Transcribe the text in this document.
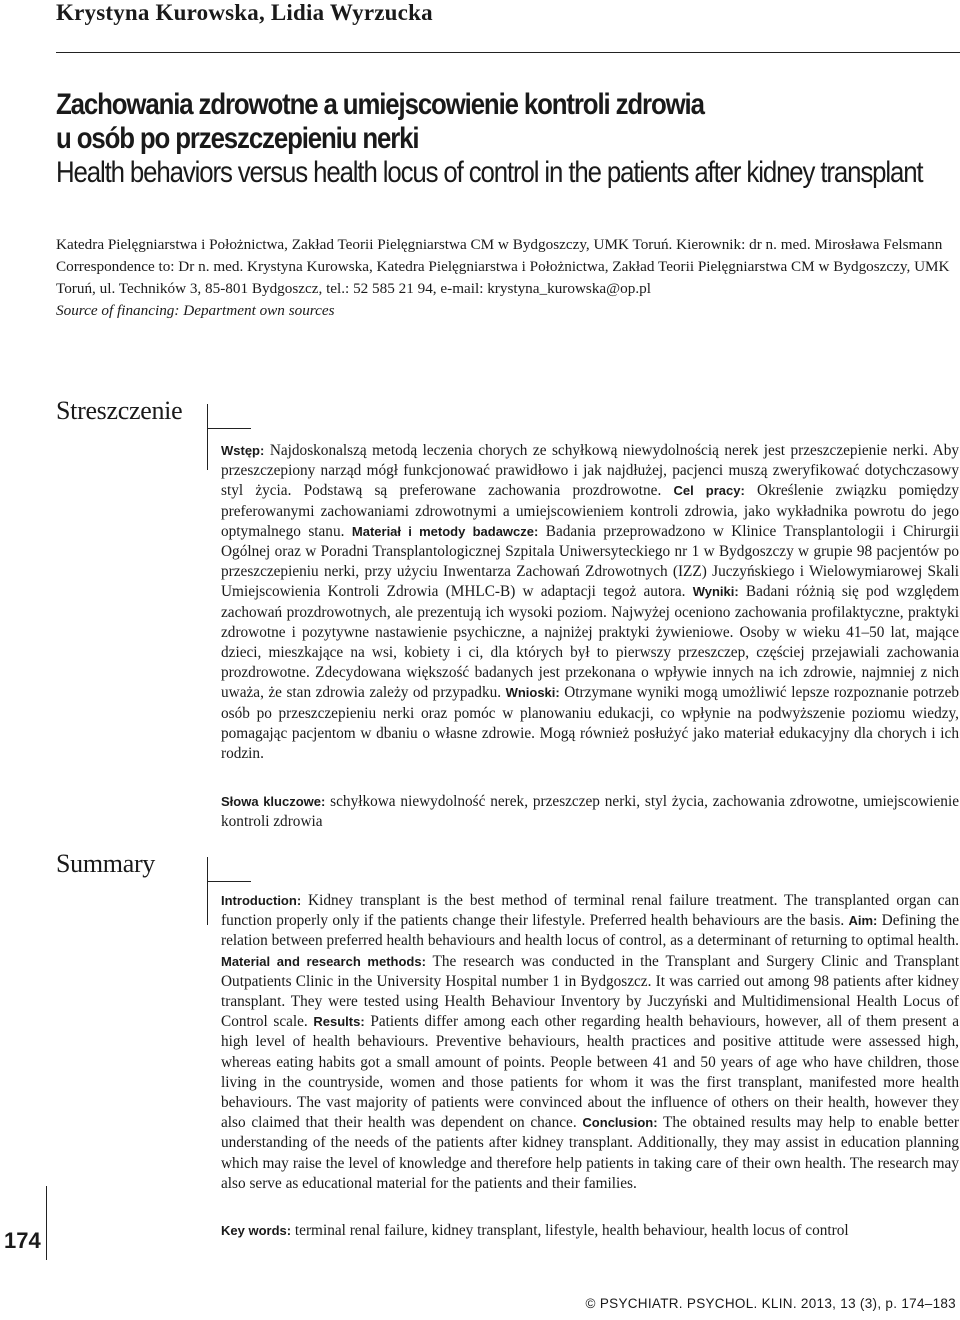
Krystyna Kurowska, Lidia Wyrzucka
Zachowania zdrowotne a umiejscowienie kontroli zdrowia
u osób po przeszczepieniu nerki
Health behaviors versus health locus of control in the patients after kidney transplant

Katedra Pielęgniarstwa i Położnictwa, Zakład Teorii Pielęgniarstwa CM w Bydgoszczy, UMK Toruń. Kierownik: dr n. med. Mirosława Felsmann

Correspondence to: Dr n. med. Krystyna Kurowska, Katedra Pielęgniarstwa i Położnictwa, Zakład Teorii Pielęgniarstwa CM w Bydgoszczy, UMK Toruń, ul. Techników 3, 85-801 Bydgoszcz, tel.: 52 585 21 94, e-mail: krystyna_kurowska@op.pl

Source of financing: Department own sources

Streszczenie

Wstęp: Najdoskonalszą metodą leczenia chorych ze schyłkową niewydolnością nerek jest przeszczepienie nerki. Aby przeszczepiony narząd mógł funkcjonować prawidłowo i jak najdłużej, pacjenci muszą zweryfikować dotychczasowy styl życia. Podstawą są preferowane zachowania prozdrowotne. Cel pracy: Określenie związku pomiędzy preferowanymi zachowaniami zdrowotnymi a umiejscowieniem kontroli zdrowia, jako wykładnika powrotu do jego optymalnego stanu. Materiał i metody badawcze: Badania przeprowadzono w Klinice Transplantologii i Chirurgii Ogólnej oraz w Poradni Transplantologicznej Szpitala Uniwersyteckiego nr 1 w Bydgoszczy w grupie 98 pacjentów po przeszczepieniu nerki, przy użyciu Inwentarza Zachowań Zdrowotnych (IZZ) Juczyńskiego i Wielowymiarowej Skali Umiejscowienia Kontroli Zdrowia (MHLC-B) w adaptacji tegoż autora. Wyniki: Badani różnią się pod względem zachowań prozdrowotnych, ale prezentują ich wysoki poziom. Najwyżej oceniono zachowania profilaktyczne, praktyki zdrowotne i pozytywne nastawienie psychiczne, a najniżej praktyki żywieniowe. Osoby w wieku 41–50 lat, mające dzieci, mieszkające na wsi, kobiety i ci, dla których był to pierwszy przeszczep, częściej przejawiali zachowania prozdrowotne. Zdecydowana większość badanych jest przekonana o wpływie innych na ich zdrowie, najmniej z nich uważa, że stan zdrowia zależy od przypadku. Wnioski: Otrzymane wyniki mogą umożliwić lepsze rozpoznanie potrzeb osób po przeszczepieniu nerki oraz pomóc w planowaniu edukacji, co wpłynie na podwyższenie poziomu wiedzy, pomagając pacjentom w dbaniu o własne zdrowie. Mogą również posłużyć jako materiał edukacyjny dla chorych i ich rodzin.

Słowa kluczowe: schyłkowa niewydolność nerek, przeszczep nerki, styl życia, zachowania zdrowotne, umiejscowienie kontroli zdrowia

Summary

Introduction: Kidney transplant is the best method of terminal renal failure treatment. The transplanted organ can function properly only if the patients change their lifestyle. Preferred health behaviours are the basis. Aim: Defining the relation between preferred health behaviours and health locus of control, as a determinant of returning to optimal health. Material and research methods: The research was conducted in the Transplant and Surgery Clinic and Transplant Outpatients Clinic in the University Hospital number 1 in Bydgoszcz. It was carried out among 98 patients after kidney transplant. They were tested using Health Behaviour Inventory by Juczyński and Multidimensional Health Locus of Control scale. Results: Patients differ among each other regarding health behaviours, however, all of them present a high level of health behaviours. Preventive behaviours, health practices and positive attitude were assessed high, whereas eating habits got a small amount of points. People between 41 and 50 years of age who have children, those living in the countryside, women and those patients for whom it was the first transplant, manifested more health behaviours. The vast majority of patients were convinced about the influence of others on their health, however they also claimed that their health was dependent on chance. Conclusion: The obtained results may help to enable better understanding of the needs of the patients after kidney transplant. Additionally, they may assist in education planning which may raise the level of knowledge and therefore help patients in taking care of their own health. The research may also serve as educational material for the patients and their families.

Key words: terminal renal failure, kidney transplant, lifestyle, health behaviour, health locus of control

174
© PSYCHIATR. PSYCHOL. KLIN. 2013, 13 (3), p. 174–183
